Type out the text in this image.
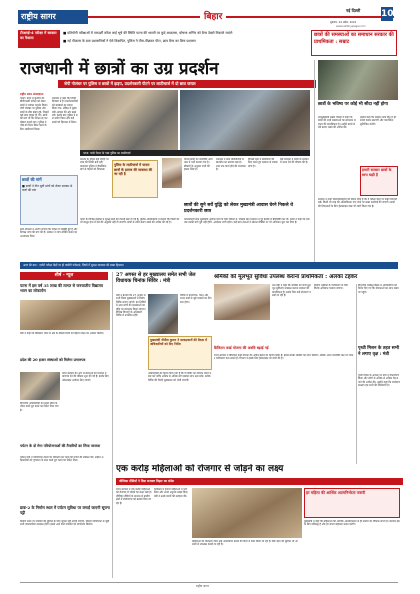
राष्ट्रीय सागर	बिहार
नई दिल्ली
शुक्रवार, 24 अप्रैल, 2024
www.rashtriyasagar.com
10
टीआरई-4 परीक्षा में सरकार का फैसला
■ प्रतियोगी परीक्षाओं में पारदर्शी कॉपर लाई भूषे की स्थिति पटना की भारती पर कुर्द आक्रमण, घोषणा अग्निर को बैनर देखने निकाले जाएंगे
■ नई पीकलर के बता प्रशासनिकों ने ऐसे विज्ञापित, पुलिस ने पीस-पीछकर पीटा, छात्र बैनर का बिना प्रशासन
छात्रों की समस्याओं का समाधान सरकार की प्राथमिकता : सम्राट
राजधानी में छात्रों का उग्र प्रदर्शन
जेपी गोलंबर पर पुलिस व छात्रों में झड़प, प्रदर्शनकारी पीटने पर लाठीचार्ज में दो छात्र घायल
राष्ट्रीय सागर संवाददाता
पटना। प्रदेश में बुधवार को बीपीएससी परीक्षा को लेकर छात्रों ने जमकर प्रदर्शन किया। जेपी गोलंबर पर पुलिस और छात्रों के बीच झड़प हुई, जिसमें कई छात्र घायल हो गए। छात्रों की मांग थी कि परीक्षा रद्द कर दोबारा कराई जाए। पुलिस ने भीड़ को तितर बितर करने के लिए लाठीचार्ज किया।
प्रशासन ने कहा कि स्थिति नियंत्रण में है। प्रदर्शनकारियों को समझाने का प्रयास किया गया, लेकिन वे मुख्यमंत्री आवास की ओर बढ़ने लगे। इसके बाद पुलिस ने बल प्रयोग किया और कई छात्रों को हिरासत में लिया।
पटना: गांधी मैदान के पास पुलिस का लाठीचार्ज
प्रदर्शन के दौरान कई जगहों पर जाम की स्थिति बनी रही। यातायात पुलिस ने वैकल्पिक मार्ग से वाहनों को निकाला।
पुलिस के लाठीचार्ज में घायल छात्रों के इलाज की व्यवस्था की जा रही है
घायल छात्रों को नजदीकी अस्पताल में भर्ती कराया गया है। डॉक्टरों के अनुसार सभी की हालत स्थिर है।
प्रशासन ने छात्र प्रतिनिधियों से बातचीत का प्रस्ताव रखा है। शाम तक वार्ता होने की संभावना है।
विपक्षी दलों ने लाठीचार्ज की निंदा करते हुए सरकार से जवाब मांगा है।
कई संगठनों ने छात्रों के समर्थन में धरना देने की घोषणा की है।
छात्रों की सुने सर्वे युद्धि को लेकर मुख्यमंत्री आवास घेरने निकले थे प्रदर्शनकारी छात्र
प्रदर्शनकारी छात्र मुख्यमंत्री आवास घेरने के लिए निकले थे, जिसके बाद प्रशासन ने पूरे इलाके में बैरिकेडिंग कर दी। छात्रों ने कहा कि जब तक उनकी मांगें पूरी नहीं होंगी, आंदोलन जारी रहेगा। कई छात्र नेताओं ने सोशल मीडिया पर भी अभियान शुरू कर दिया है।
छात्रों की मांगें
■ छात्रों ने तीन सूत्री मांगों को लेकर सरकार से वार्ता की मांग
छात्र संगठनों ने आरोप लगाया कि परीक्षा में गड़बड़ी हुई है और निष्पक्ष जांच की मांग की है। सरकार ने जांच समिति बनाने का आश्वासन दिया।
पटना के विभिन्न इलाकों में सुरक्षा बलों की तैनाती बढ़ा दी गई है। पुलिस अधिकारियों ने बताया कि किसी को भी कानून हाथ में लेने की अनुमति नहीं दी जाएगी। छात्रों से शांति बनाए रखने की अपील की गई है।
छात्रों के भविष्य पर कोई भी सौदा नहीं होगा
उपमुख्यमंत्री सम्राट चौधरी ने कहा कि छात्रों की सभी समस्याओं का समाधान सरकार की प्राथमिकता है। उन्होंने छात्रों से धैर्य बनाए रखने की अपील की।
उन्होंने कहा कि सरकार छात्र हित में हर संभव कदम उठाएगी और पारदर्शिता सुनिश्चित करेगी।
हमारी सरकार छात्रों के साथ खड़ी है
सरकार ने सभी जिलाधिकारियों को निर्देश दिया है कि वे परीक्षा केंद्रों पर कड़ी निगरानी रखें। किसी भी तरह की अनियमितता पाए जाने पर सख्त कार्रवाई की जाएगी। छात्रों की शिकायतों के लिए हेल्पलाइन नंबर भी जारी किया गया है।
आज की बात : दर्जनों परीक्षा केंद्रों पर हो जायेंगी परीक्षाएं, जिलों में सुरक्षा व्यवस्था की सख्त हिदायत
शीर्ष - न्यूज
पटना में इस वर्ष 35 लाख की लागत से जनजातीय विद्यालय भवन का लोकार्पण
मंत्री ने कहा कि विद्यालय भवन से क्षेत्र के सैकड़ों बच्चों को बेहतर शिक्षा का अवसर मिलेगा।
प्रदेश की 20 हजार संस्थाओं को मिलेगा प्रमाणपत्र
प्रदेश सरकार की ओर से संस्थाओं को मान्यता प्रमाणपत्र देने की प्रक्रिया शुरू की गई है। इसके लिए ऑनलाइन आवेदन लिए जाएंगे।
विभागीय अधिकारियों को समय सीमा के भीतर कार्य पूरा करने का निर्देश दिया गया है।
पर्यटन के दो मेगा परियोजनाओं की तैयारियों का लिया जायजा
पर्यटन मंत्री ने परियोजना स्थलों का निरीक्षण कर कार्य की प्रगति की समीक्षा की। उन्होंने अधिकारियों को गुणवत्ता के साथ कार्य पूरा करने का निर्देश दिया।
डाक-2 के निर्माण स्थल में पर्यटन सुविधा पर लगाई जाएगी सूचना पट्टी
निर्माण स्थल पर पर्यटकों की सुविधा के लिए सूचना पट्टी लगाई जाएगी, जिसमें परियोजना से जुड़ी सभी जानकारियां उपलब्ध होंगी। इससे आने वाले पर्यटकों को मार्गदर्शन मिलेगा।
27 अगस्त से हर मुख्यालय समेत सभी जेल विधायक चिनांक सिविर : मंत्री
मंत्री ने बताया कि 27 अगस्त से सभी जिला मुख्यालयों में विशेष शिविर लगाए जाएंगे। इन शिविरों में आम लोगों की समस्याओं का मौके पर समाधान किया जाएगा। विभिन्न विभागों के अधिकारी शिविर में उपस्थित रहेंगे।
मुख्यमंत्री नीतीश कुमार ने सलाहकारों की बैठक में अधिकारियों को दिए निर्देश
शिविर में प्रमाणपत्र, पेंशन और राशन कार्ड से जुड़े मामलों का निपटारा होगा।
अधिकारियों को निर्देश दिया गया है कि वे शिविर का व्यापक प्रचार प्रसार करें ताकि अधिक से अधिक लोग इसका लाभ उठा सकें। प्रत्येक शिविर की रिपोर्ट मुख्यालय को भेजी जाएगी।
श्रमिकों को मूलभूत सुविधा उपलब्ध कराना प्राथमिकता : अलका टहकर
श्रम मंत्री ने कहा कि श्रमिकों को सभी मूलभूत सुविधाएं उपलब्ध कराना सरकार की प्राथमिकता है। इसके लिए कई योजनाएं चलाई जा रही हैं।
निर्माण श्रमिकों के पंजीकरण के लिए विशेष अभियान चलाया जाएगा।
डिजिटल कार्ड योजना की अवधि बढ़ाई गई
राज्य सरकार ने डिजिटल कार्ड योजना की अवधि बढ़ाने का निर्णय लिया है। इससे लाखों श्रमिकों को लाभ मिलेगा। श्रमिक अपने नजदीकी केंद्र पर जाकर पंजीकरण करा सकते हैं। विभाग ने इसके लिए हेल्पलाइन भी जारी की है।
पृथ्वी मिशन के तहत सभी ने लगाए वृक्ष : मंत्री
पृथ्वी दिवस के अवसर पर मंत्री ने पौधारोपण किया और लोगों से अधिक से अधिक पेड़ लगाने की अपील की। उन्होंने कहा कि पर्यावरण संरक्षण हम सभी की जिम्मेदारी है।
विभागीय समीक्षा बैठक में अधिकारियों को निर्देश दिए गए कि योजनाओं का लाभ समय पर पहुंचे।
एक करोड़ महिलाओं को रोजगार से जोड़ने का लक्ष्य
जीविका दीदियों ने दिया सशक्त बिहार का संदेश
राज्य सरकार ने एक करोड़ महिलाओं को रोजगार से जोड़ने का लक्ष्य रखा है। जीविका दीदियों के माध्यम से ग्रामीण क्षेत्रों में स्वरोजगार को बढ़ावा दिया जा रहा है।
कार्यक्रम में हजारों महिलाओं ने भाग लिया और अपने अनुभव साझा किए। मंत्री ने उनके कार्यों की सराहना की।
महिलाओं को प्रशिक्षण देकर उन्हें आत्मनिर्भर बनाने की दिशा में काम किया जा रहा है। बैंक ऋण की सुविधा भी आसानी से उपलब्ध कराई जा रही है।
हर महिला की आर्थिक आत्मनिर्भरता जरूरी
मुख्यमंत्री ने कहा कि महिलाओं की आर्थिक आत्मनिर्भरता से ही समाज का विकास संभव है। सरकार इसके लिए प्रतिबद्ध है और हर संभव सहायता प्रदान करेगी।
राष्ट्रीय सागर
